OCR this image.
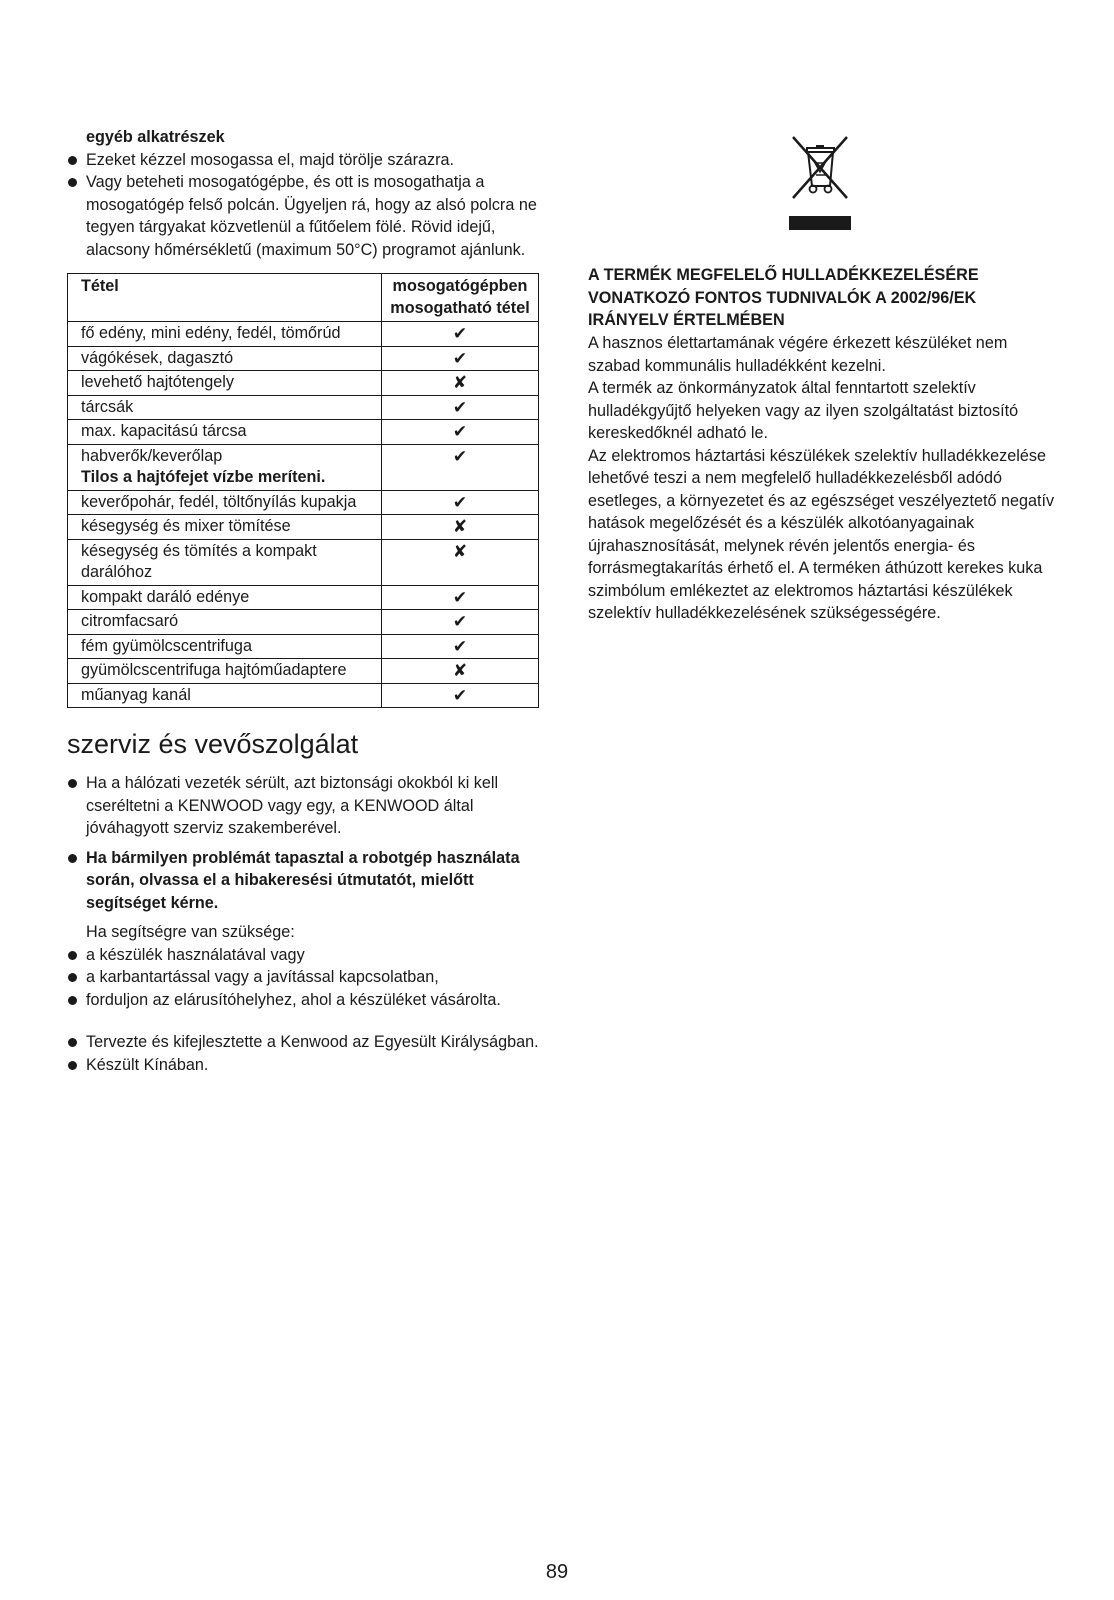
egyéb alkatrészek
Ezeket kézzel mosogassa el, majd törölje szárazra.
Vagy beteheti mosogatógépbe, és ott is mosogathatja a mosogatógép felső polcán. Ügyeljen rá, hogy az alsó polcra ne tegyen tárgyakat közvetlenül a fűtőelem fölé. Rövid idejű, alacsony hőmérsékletű (maximum 50°C) programot ajánlunk.
Tétel	mosogatógépben mosogatható tétel
fő edény, mini edény, fedél, tömőrúd	✔
vágókések, dagasztó	✔
levehető hajtótengely	✘
tárcsák	✔
max. kapacitású tárcsa	✔
habverők/keverőlap
Tilos a hajtófejet vízbe meríteni.	✔
keverőpohár, fedél, töltőnyílás kupakja	✔
késegység és mixer tömítése	✘
késegység és tömítés a kompakt darálóhoz	✘
kompakt daráló edénye	✔
citromfacsaró	✔
fém gyümölcscentrifuga	✔
gyümölcscentrifuga hajtóműadaptere	✘
műanyag kanál	✔
szerviz és vevőszolgálat
Ha a hálózati vezeték sérült, azt biztonsági okokból ki kell cseréltetni a KENWOOD vagy egy, a KENWOOD által jóváhagyott szerviz szakemberével.
Ha bármilyen problémát tapasztal a robotgép használata során, olvassa el a hibakeresési útmutatót, mielőtt segítséget kérne.
Ha segítségre van szüksége:
a készülék használatával vagy
a karbantartással vagy a javítással kapcsolatban,
forduljon az elárusítóhelyhez, ahol a készüléket vásárolta.
Tervezte és kifejlesztette a Kenwood az Egyesült Királyságban.
Készült Kínában.
A TERMÉK MEGFELELŐ HULLADÉKKEZELÉSÉRE VONATKOZÓ FONTOS TUDNIVALÓK A 2002/96/EK IRÁNYELV ÉRTELMÉBEN

A hasznos élettartamának végére érkezett készüléket nem szabad kommunális hulladékként kezelni.

A termék az önkormányzatok által fenntartott szelektív hulladékgyűjtő helyeken vagy az ilyen szolgáltatást biztosító kereskedőknél adható le.

Az elektromos háztartási készülékek szelektív hulladékkezelése lehetővé teszi a nem megfelelő hulladékkezelésből adódó esetleges, a környezetet és az egészséget veszélyeztető negatív hatások megelőzését és a készülék alkotóanyagainak újrahasznosítását, melynek révén jelentős energia- és forrásmegtakarítás érhető el. A terméken áthúzott kerekes kuka szimbólum emlékeztet az elektromos háztartási készülékek szelektív hulladékkezelésének szükségességére.

89
